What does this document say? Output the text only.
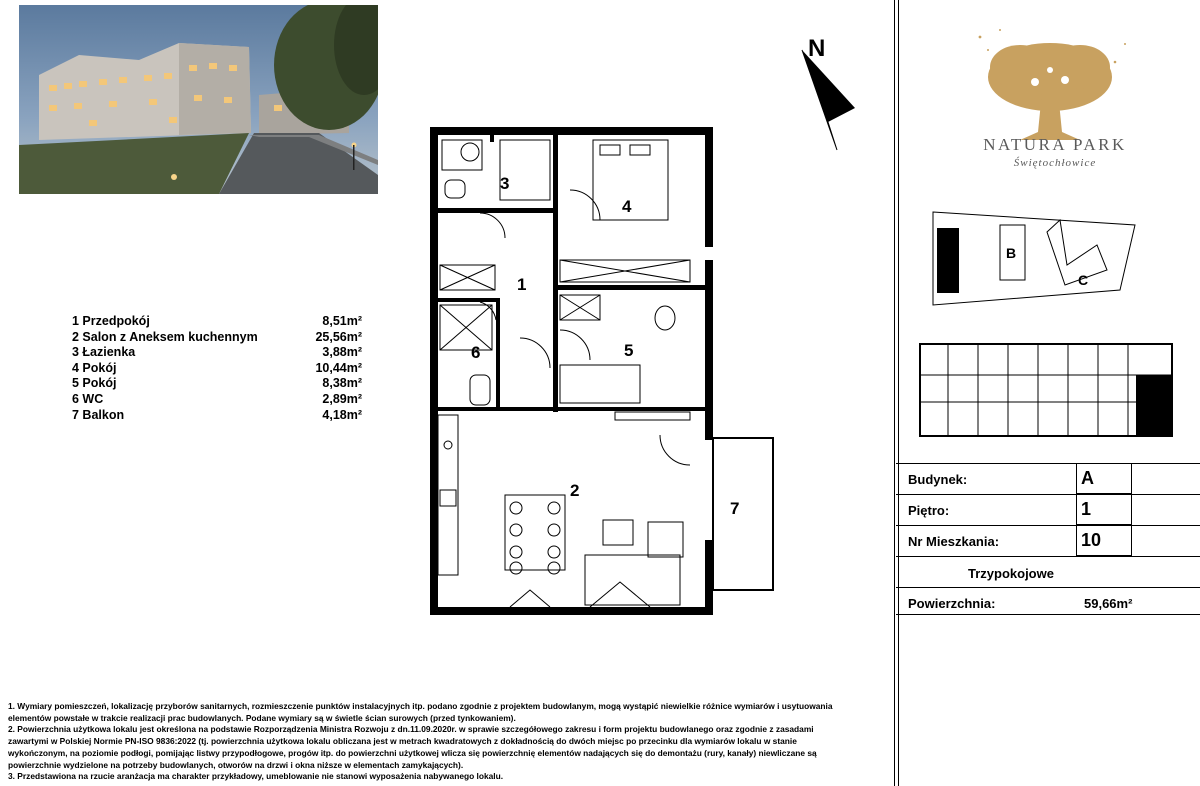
1 Przedpokój	8,51m²
2 Salon z Aneksem kuchennym	25,56m²
3 Łazienka	3,88m²
4 Pokój	10,44m²
5 Pokój	8,38m²
6 WC	2,89m²
7 Balkon	4,18m²
N
1
2
3
4
5
6
7
NATURA PARK
Świętochłowice
B
C
Budynek:	A
Piętro:	1
Nr Mieszkania:	10
Trzypokojowe
Powierzchnia:	59,66m²

1. Wymiary pomieszczeń, lokalizację przyborów sanitarnych, rozmieszczenie punktów instalacyjnych itp. podano zgodnie z projektem budowlanym, mogą wystąpić niewielkie różnice wymiarów i usytuowania

elementów powstałe w trakcie realizacji prac budowlanych. Podane wymiary są w świetle ścian surowych (przed tynkowaniem).

2. Powierzchnia użytkowa lokalu jest określona na podstawie Rozporządzenia Ministra Rozwoju z dn.11.09.2020r. w sprawie szczegółowego zakresu i form projektu budowlanego oraz zgodnie z zasadami

zawartymi w Polskiej Normie PN-ISO 9836:2022 (tj. powierzchnia użytkowa lokalu obliczana jest w metrach kwadratowych z dokładnością do dwóch miejsc po przecinku dla wymiarów lokalu w stanie

wykończonym, na poziomie podłogi, pomijając listwy przypodłogowe, progów itp. do powierzchni użytkowej wlicza się powierzchnię elementów nadających się do demontażu (rury, kanały) niewliczane są

powierzchnie wydzielone na potrzeby budowlanych, otworów na drzwi i okna niższe w elementach zamykających).

3. Przedstawiona na rzucie aranżacja ma charakter przykładowy, umeblowanie nie stanowi wyposażenia nabywanego lokalu.
